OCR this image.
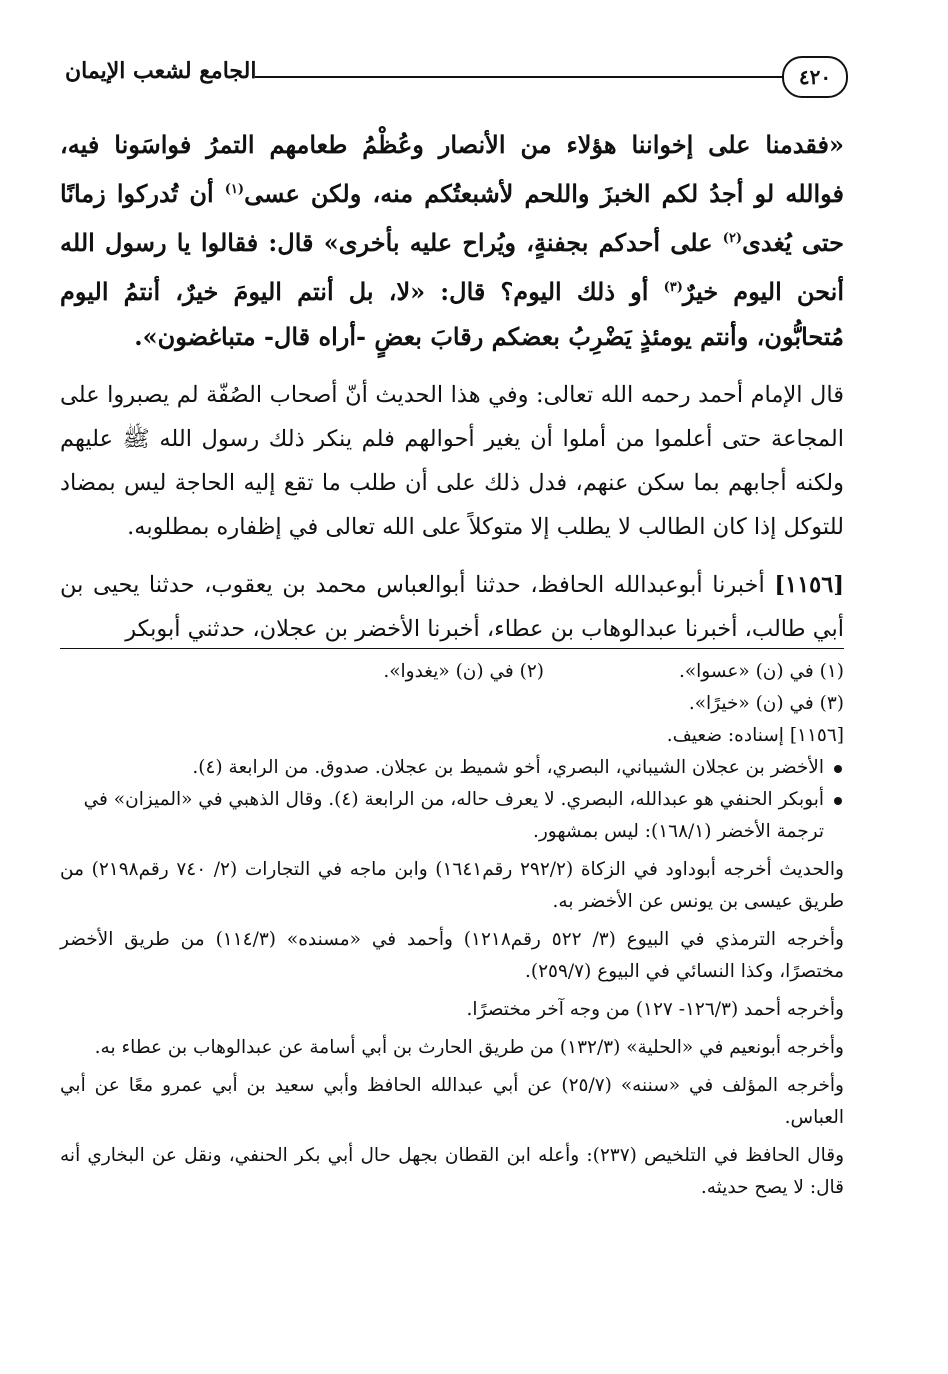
٤٢٠
الجامع لشعب الإيمان

«فقدمنا على إخواننا هؤلاء من الأنصار وعُظْمُ طعامهم التمرُ فواسَونا فيه، فوالله لو أجدُ لكم الخبزَ واللحم لأشبعتُكم منه، ولكن عسى$^{(١)}$ أن تُدركوا زمانًا حتى يُغدى$^{(٢)}$ على أحدكم بجفنةٍ، ويُراح عليه بأخرى» قال: فقالوا يا رسول الله أنحن اليوم خيرٌ$^{(٣)}$ أو ذلك اليوم؟ قال: «لا، بل أنتم اليومَ خيرٌ، أنتمُ اليوم مُتحابُّون، وأنتم يومئذٍ يَضْرِبُ بعضكم رقابَ بعضٍ -أراه قال- متباغضون».

قال الإمام أحمد رحمه الله تعالى: وفي هذا الحديث أنّ أصحاب الصُفّة لم يصبروا على المجاعة حتى أعلموا من أملوا أن يغير أحوالهم فلم ينكر ذلك رسول الله ﷺ عليهم ولكنه أجابهم بما سكن عنهم، فدل ذلك على أن طلب ما تقع إليه الحاجة ليس بمضاد للتوكل إذا كان الطالب لا يطلب إلا متوكلاً على الله تعالى في إظفاره بمطلوبه.

[١١٥٦] أخبرنا أبوعبدالله الحافظ، حدثنا أبوالعباس محمد بن يعقوب، حدثنا يحيى بن أبي طالب، أخبرنا عبدالوهاب بن عطاء، أخبرنا الأخضر بن عجلان، حدثني أبوبكر

(١) في (ن) «عسوا».
(٢) في (ن) «يغدوا».
(٣) في (ن) «خيرًا».
[١١٥٦] إسناده: ضعيف.

الأخضر بن عجلان الشيباني، البصري، أخو شميط بن عجلان. صدوق. من الرابعة (٤).

أبوبكر الحنفي هو عبدالله، البصري. لا يعرف حاله، من الرابعة (٤). وقال الذهبي في «الميزان» في ترجمة الأخضر (١٦٨/١): ليس بمشهور.

والحديث أخرجه أبوداود في الزكاة (٢٩٢/٢ رقم١٦٤١) وابن ماجه في التجارات (٢/ ٧٤٠ رقم٢١٩٨) من طريق عيسى بن يونس عن الأخضر به.

وأخرجه الترمذي في البيوع (٣/ ٥٢٢ رقم١٢١٨) وأحمد في «مسنده» (١١٤/٣) من طريق الأخضر مختصرًا، وكذا النسائي في البيوع (٢٥٩/٧).

وأخرجه أحمد (١٢٦/٣- ١٢٧) من وجه آخر مختصرًا.

وأخرجه أبونعيم في «الحلية» (١٣٢/٣) من طريق الحارث بن أبي أسامة عن عبدالوهاب بن عطاء به.

وأخرجه المؤلف في «سننه» (٢٥/٧) عن أبي عبدالله الحافظ وأبي سعيد بن أبي عمرو معًا عن أبي العباس.

وقال الحافظ في التلخيص (٢٣٧): وأعله ابن القطان بجهل حال أبي بكر الحنفي، ونقل عن البخاري أنه قال: لا يصح حديثه.
